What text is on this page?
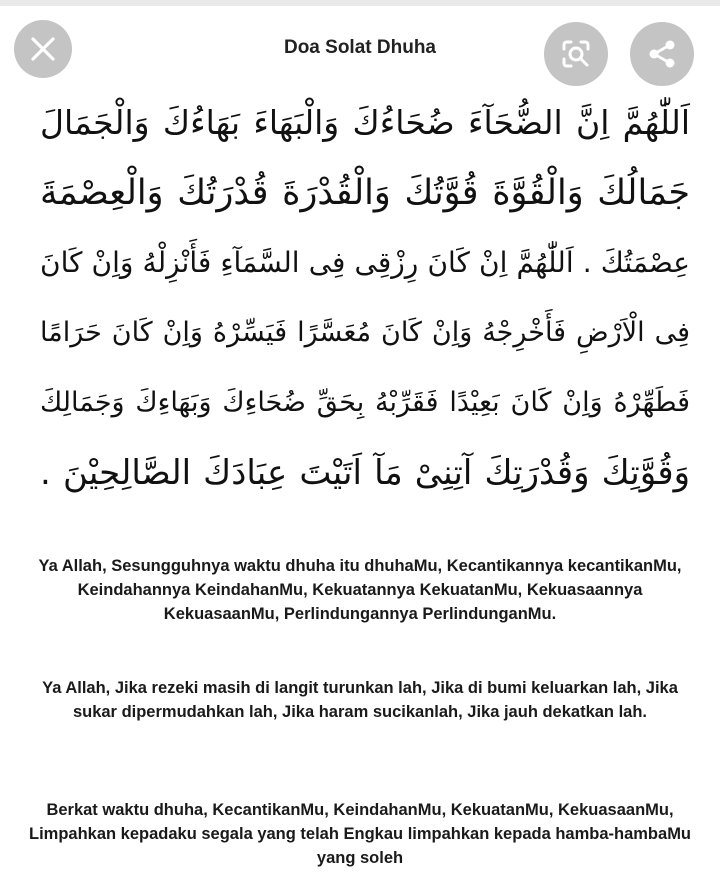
Doa Solat Dhuha
اَللّٰهُمَّ اِنَّ الضُّحَآءَ ضُحَاءُكَ وَالْبَهَاءَ بَهَاءُكَ وَالْجَمَالَ
جَمَالُكَ وَالْقُوَّةَ قُوَّتُكَ وَالْقُدْرَةَ قُدْرَتُكَ وَالْعِصْمَةَ
عِصْمَتُكَ . اَللّٰهُمَّ اِنْ كَانَ رِزْقِى فِى السَّمَآءِ فَأَنْزِلْهُ وَاِنْ كَانَ
فِى الْاَرْضِ فَأَخْرِجْهُ وَاِنْ كَانَ مُعَسَّرًا فَيَسِّرْهُ وَاِنْ كَانَ حَرَامًا
فَطَهِّرْهُ وَاِنْ كَانَ بَعِيْدًا فَقَرِّبْهُ بِحَقِّ ضُحَاءِكَ وَبَهَاءِكَ وَجَمَالِكَ
وَقُوَّتِكَ وَقُدْرَتِكَ آتِنِىْ مَآ اَتَيْتَ عِبَادَكَ الصَّالِحِيْنَ .
Ya Allah, Sesungguhnya waktu dhuha itu dhuhaMu, Kecantikannya kecantikanMu, Keindahannya KeindahanMu, Kekuatannya KekuatanMu, Kekuasaannya KekuasaanMu, Perlindungannya PerlindunganMu.
Ya Allah, Jika rezeki masih di langit turunkan lah, Jika di bumi keluarkan lah, Jika sukar dipermudahkan lah, Jika haram sucikanlah, Jika jauh dekatkan lah.
Berkat waktu dhuha, KecantikanMu, KeindahanMu, KekuatanMu, KekuasaanMu, Limpahkan kepadaku segala yang telah Engkau limpahkan kepada hamba-hambaMu yang soleh
